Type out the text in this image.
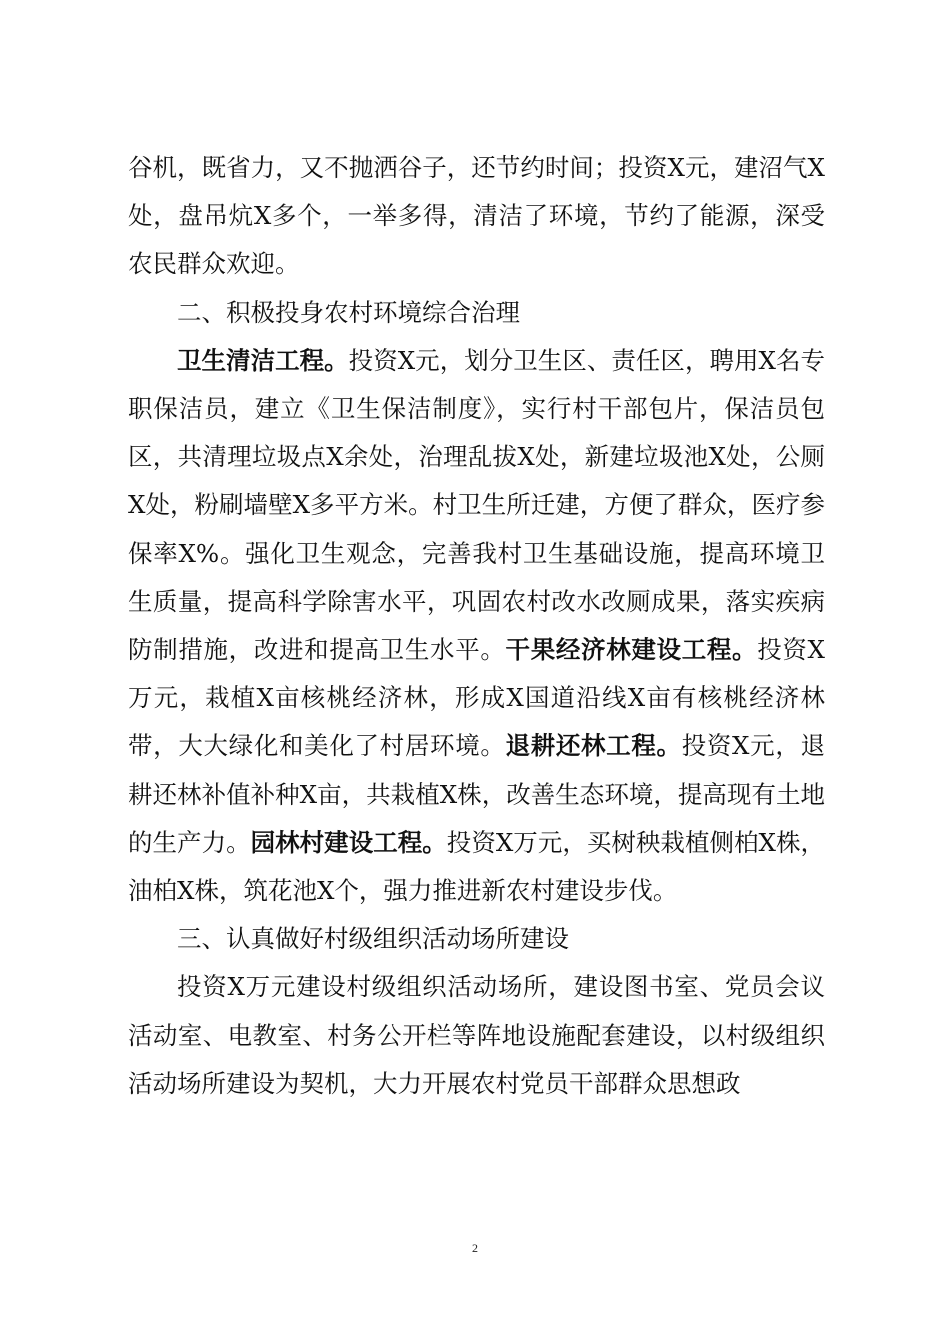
谷机，既省力，又不抛洒谷子，还节约时间；投资X元，建沼气X处，盘吊炕X多个，一举多得，清洁了环境，节约了能源，深受农民群众欢迎。

二、积极投身农村环境综合治理

卫生清洁工程。投资X元，划分卫生区、责任区，聘用X名专职保洁员，建立《卫生保洁制度》，实行村干部包片，保洁员包区，共清理垃圾点X余处，治理乱拔X处，新建垃圾池X处，公厕X处，粉刷墙壁X多平方米。村卫生所迁建，方便了群众，医疗参保率X%。强化卫生观念，完善我村卫生基础设施，提高环境卫生质量，提高科学除害水平，巩固农村改水改厕成果，落实疾病防制措施，改进和提高卫生水平。干果经济林建设工程。投资X万元，栽植X亩核桃经济林，形成X国道沿线X亩有核桃经济林带，大大绿化和美化了村居环境。退耕还林工程。投资X元，退耕还林补值补种X亩，共栽植X株，改善生态环境，提高现有土地的生产力。园林村建设工程。投资X万元，买树秧栽植侧柏X株，油柏X株，筑花池X个，强力推进新农村建设步伐。

三、认真做好村级组织活动场所建设

投资X万元建设村级组织活动场所，建设图书室、党员会议活动室、电教室、村务公开栏等阵地设施配套建设，以村级组织活动场所建设为契机，大力开展农村党员干部群众思想政

2
